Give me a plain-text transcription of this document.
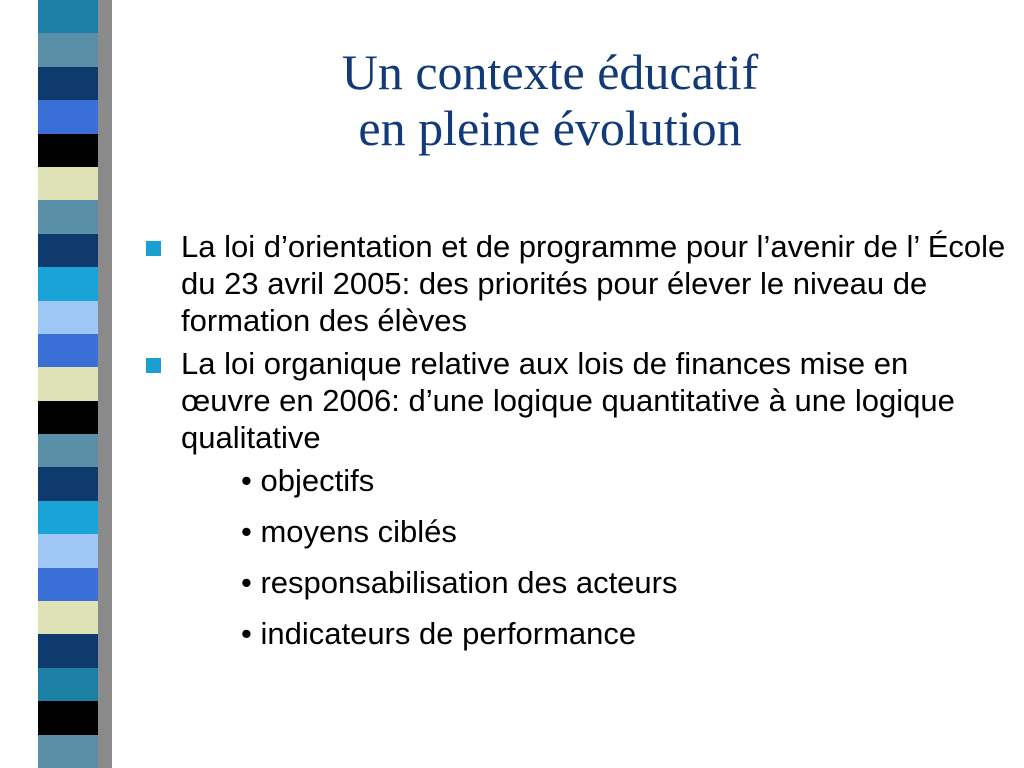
Un contexte éducatif
en pleine évolution
La loi d’orientation et de programme pour l’avenir de l’ École du 23 avril 2005: des priorités pour élever le niveau de formation des élèves
La loi organique relative aux lois de finances mise en œuvre en 2006: d’une logique quantitative à une logique qualitative
• objectifs
• moyens ciblés
• responsabilisation des acteurs
• indicateurs de performance
